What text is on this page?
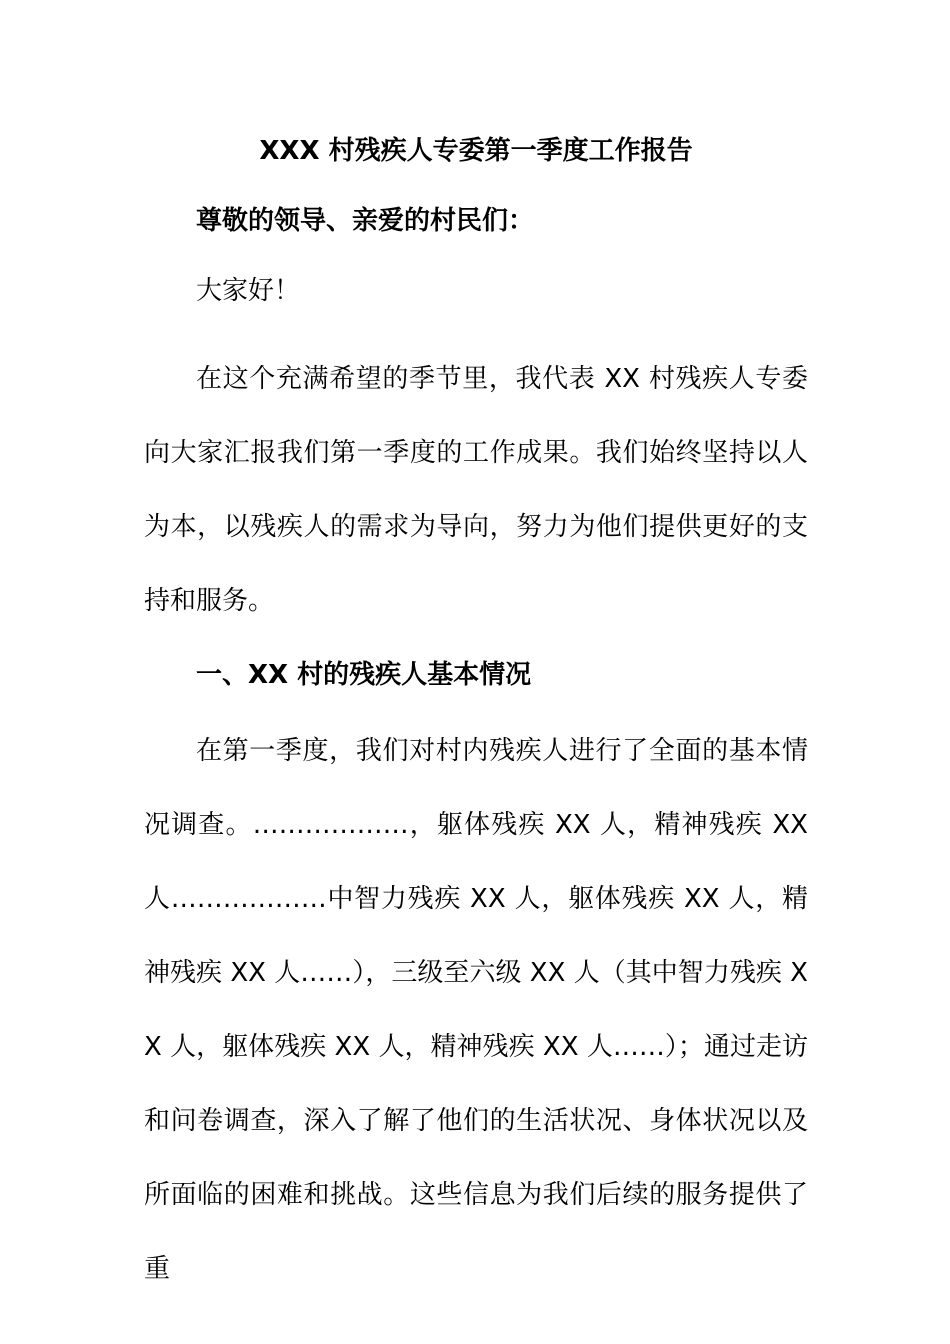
XXX 村残疾人专委第一季度工作报告

尊敬的领导、亲爱的村民们：

大家好！

在这个充满希望的季节里，我代表 XX 村残疾人专委向大家汇报我们第一季度的工作成果。我们始终坚持以人为本，以残疾人的需求为导向，努力为他们提供更好的支持和服务。

一、XX 村的残疾人基本情况

在第一季度，我们对村内残疾人进行了全面的基本情况调查。………………，躯体残疾 XX 人，精神残疾 XX 人………………中智力残疾 XX 人，躯体残疾 XX 人，精神残疾 XX 人……），三级至六级 XX 人（其中智力残疾 XX 人，躯体残疾 XX 人，精神残疾 XX 人……）；通过走访和问卷调查，深入了解了他们的生活状况、身体状况以及所面临的困难和挑战。这些信息为我们后续的服务提供了重
